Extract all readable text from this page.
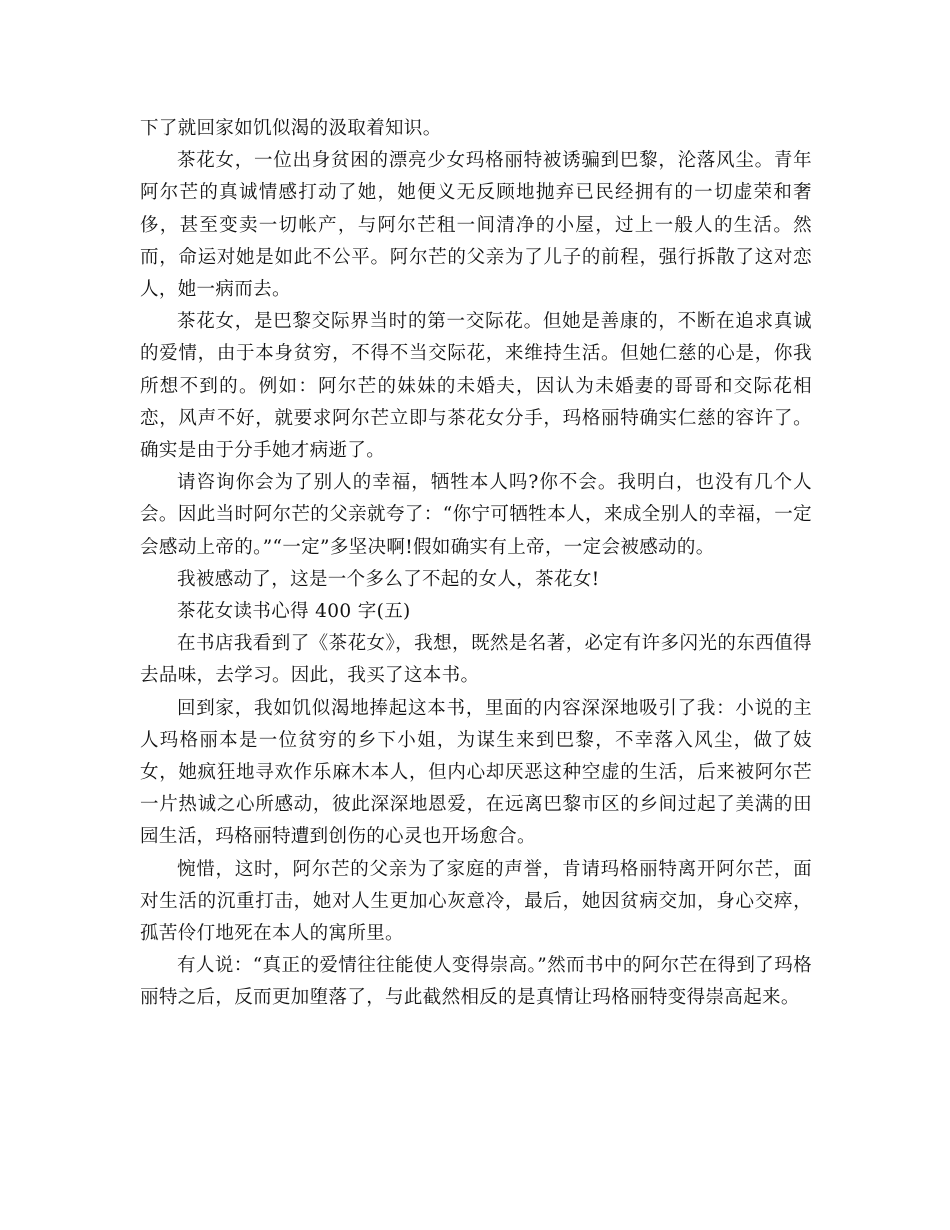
下了就回家如饥似渴的汲取着知识。

茶花女，一位出身贫困的漂亮少女玛格丽特被诱骗到巴黎，沦落风尘。青年阿尔芒的真诚情感打动了她，她便义无反顾地抛弃已民经拥有的一切虚荣和奢侈，甚至变卖一切帐产，与阿尔芒租一间清净的小屋，过上一般人的生活。然而，命运对她是如此不公平。阿尔芒的父亲为了儿子的前程，强行拆散了这对恋人，她一病而去。

茶花女，是巴黎交际界当时的第一交际花。但她是善康的，不断在追求真诚的爱情，由于本身贫穷，不得不当交际花，来维持生活。但她仁慈的心是，你我所想不到的。例如：阿尔芒的妹妹的未婚夫，因认为未婚妻的哥哥和交际花相恋，风声不好，就要求阿尔芒立即与茶花女分手，玛格丽特确实仁慈的容许了。确实是由于分手她才病逝了。

请咨询你会为了别人的幸福，牺牲本人吗?你不会。我明白，也没有几个人会。因此当时阿尔芒的父亲就夸了：“你宁可牺牲本人，来成全别人的幸福，一定会感动上帝的。”“一定”多坚决啊!假如确实有上帝，一定会被感动的。

我被感动了，这是一个多么了不起的女人，茶花女!

茶花女读书心得 400 字(五)

在书店我看到了《茶花女》，我想，既然是名著，必定有许多闪光的东西值得去品味，去学习。因此，我买了这本书。

回到家，我如饥似渴地捧起这本书，里面的内容深深地吸引了我：小说的主人玛格丽本是一位贫穷的乡下小姐，为谋生来到巴黎，不幸落入风尘，做了妓女，她疯狂地寻欢作乐麻木本人，但内心却厌恶这种空虚的生活，后来被阿尔芒一片热诚之心所感动，彼此深深地恩爱，在远离巴黎市区的乡间过起了美满的田园生活，玛格丽特遭到创伤的心灵也开场愈合。

惋惜，这时，阿尔芒的父亲为了家庭的声誉，肯请玛格丽特离开阿尔芒，面对生活的沉重打击，她对人生更加心灰意冷，最后，她因贫病交加，身心交瘁，孤苦伶仃地死在本人的寓所里。

有人说：“真正的爱情往往能使人变得崇高。”然而书中的阿尔芒在得到了玛格丽特之后，反而更加堕落了，与此截然相反的是真情让玛格丽特变得崇高起来。
